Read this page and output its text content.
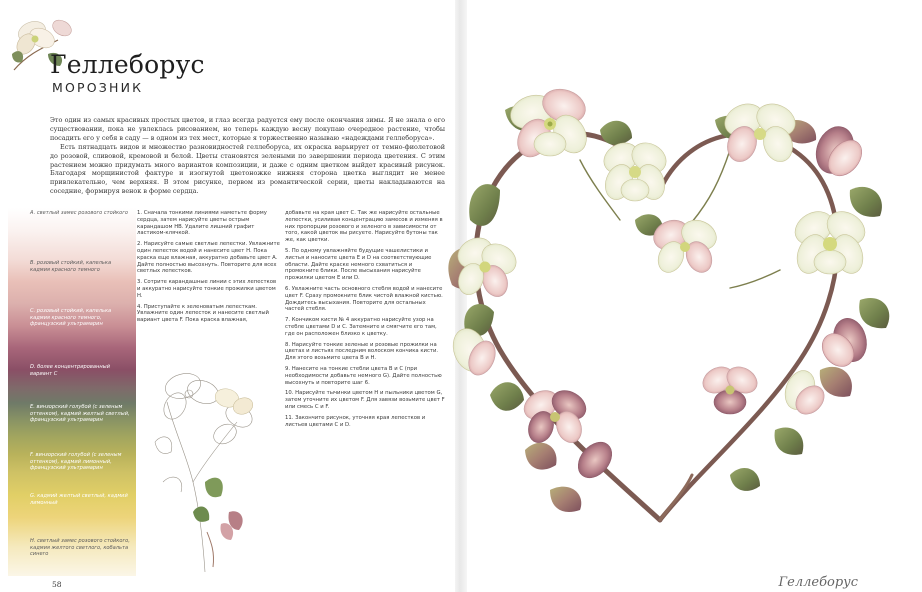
Геллеборус
МОРОЗНИК

Это один из самых красивых простых цветов, и глаз всегда радуется ему после окончания зимы. Я не знала о его существовании, пока не увлеклась рисованием, но теперь каждую весну покупаю очередное растение, чтобы посадить его у себя в саду — в одном из тех мест, которые я торжественно называю «надеждами геллеборуса».

Есть пятнадцать видов и множество разновидностей геллеборуса, их окраска варьирует от темно-фиолетовой до розовой, сливовой, кремовой и белой. Цветы становятся зелеными по завершении периода цветения. С этим растением можно придумать много вариантов композиции, и даже с одним цветком выйдет красивый рисунок. Благодаря морщинистой фактуре и изогнутой цветоножке нижняя сторона цветка выглядит не менее привлекательно, чем верхняя. В этом рисунке, первом из романтической серии, цветы накладываются на соседние, формируя венок в форме сердца.

A. светлый замес розового стойкого
B. розовый стойкий, капелька кадмия красного темного
C. розовый стойкий, капелька кадмия красного темного, французский ультрамарин
D. более концентрированный вариант C
E. винзорский голубой (с зеленым оттенком), кадмий желтый светлый, французский ультрамарин
F. винзорский голубой (с зеленым оттенком), кадмий лимонный, французский ультрамарин
G. кадмий желтый светлый, кадмий лимонный
H. светлый замес розового стойкого, кадмия желтого светлого, кобальта синего

1. Сначала тонкими линиями наметьте форму сердца, затем нарисуйте цветы острым карандашом HB. Удалите лишний графит ластиком-клячкой.

2. Нарисуйте самые светлые лепестки. Увлажните один лепесток водой и нанесите цвет H. Пока краска еще влажная, аккуратно добавьте цвет A. Дайте полностью высохнуть. Повторите для всех светлых лепестков.

3. Сотрите карандашные линии с этих лепестков и аккуратно нарисуйте тонкие прожилки цветом H.

4. Приступайте к зеленоватым лепесткам. Увлажните один лепесток и нанесите светлый вариант цвета F. Пока краска влажная,

добавьте на края цвет C. Так же нарисуйте остальные лепестки, усиливая концентрацию замесов и изменяя в них пропорции розового и зеленого в зависимости от того, какой цветок вы рисуете. Нарисуйте бутоны так же, как цветки.

5. По одному увлажняйте будущие чашелистики и листья и наносите цвета E и D на соответствующие области. Дайте краске немного схватиться и промокните блики. После высыхания нарисуйте прожилки цветом E или D.

6. Увлажните часть основного стебля водой и нанесите цвет F. Сразу промокните блик чистой влажной кистью. Дождитесь высыхания. Повторите для остальных частей стебля.

7. Кончиком кисти № 4 аккуратно нарисуйте узор на стебле цветами D и C. Затемните и смягчите его там, где он расположен близко к цветку.

8. Нарисуйте тонкие зеленые и розовые прожилки на цветах и листьях последним волоском кончика кисти. Для этого возьмите цвета B и H.

9. Нанесите на тонкие стебли цвета B и C (при необходимости добавьте немного G). Дайте полностью высохнуть и повторите шаг 6.

10. Нарисуйте тычинки цветом H и пыльники цветом G, затем уточните их цветом F. Для завязи возьмите цвет F или смесь C и F.

11. Закончите рисунок, уточняя края лепестков и листьев цветами C и D.

58	Геллеборус
